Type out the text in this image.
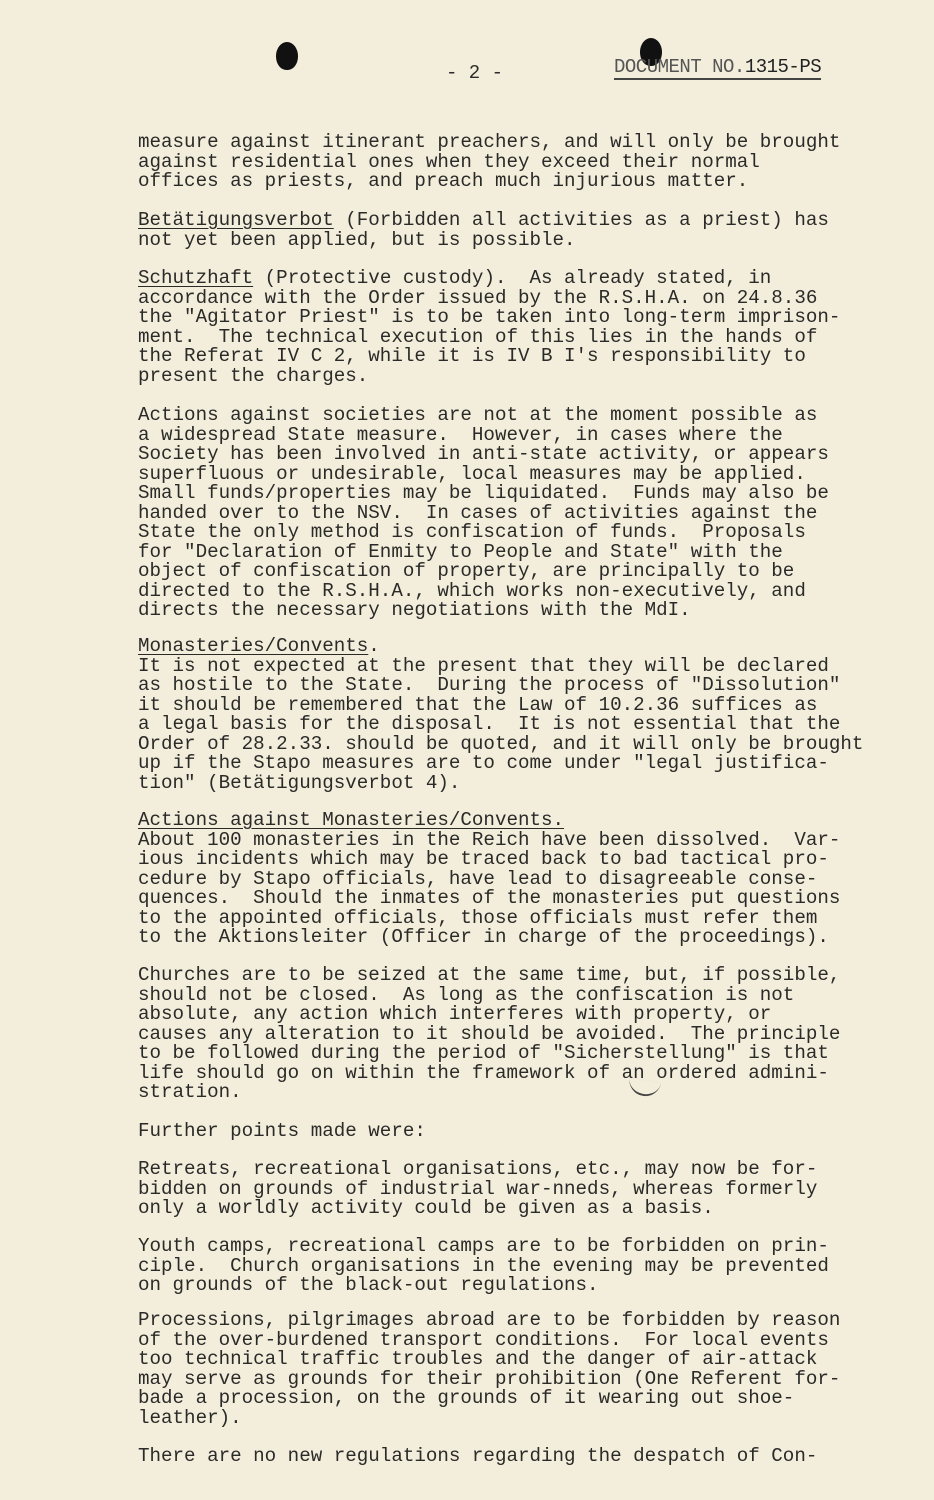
- 2 -	DOCUMENT NO.1315-PS
measure against itinerant preachers, and will only be brought
against residential ones when they exceed their normal
offices as priests, and preach much injurious matter.
Betätigungsverbot (Forbidden all activities as a priest) has
not yet been applied, but is possible.
Schutzhaft (Protective custody).  As already stated, in
accordance with the Order issued by the R.S.H.A. on 24.8.36
the "Agitator Priest" is to be taken into long-term imprison-
ment.  The technical execution of this lies in the hands of
the Referat IV C 2, while it is IV B I's responsibility to
present the charges.
Actions against societies are not at the moment possible as
a widespread State measure.  However, in cases where the
Society has been involved in anti-state activity, or appears
superfluous or undesirable, local measures may be applied.
Small funds/properties may be liquidated.  Funds may also be
handed over to the NSV.  In cases of activities against the
State the only method is confiscation of funds.  Proposals
for "Declaration of Enmity to People and State" with the
object of confiscation of property, are principally to be
directed to the R.S.H.A., which works non-executively, and
directs the necessary negotiations with the MdI.
Monasteries/Convents.
It is not expected at the present that they will be declared
as hostile to the State.  During the process of "Dissolution"
it should be remembered that the Law of 10.2.36 suffices as
a legal basis for the disposal.  It is not essential that the
Order of 28.2.33. should be quoted, and it will only be brought
up if the Stapo measures are to come under "legal justifica-
tion" (Betätigungsverbot 4).
Actions against Monasteries/Convents.
About 100 monasteries in the Reich have been dissolved.  Var-
ious incidents which may be traced back to bad tactical pro-
cedure by Stapo officials, have lead to disagreeable conse-
quences.  Should the inmates of the monasteries put questions
to the appointed officials, those officials must refer them
to the Aktionsleiter (Officer in charge of the proceedings).
Churches are to be seized at the same time, but, if possible,
should not be closed.  As long as the confiscation is not
absolute, any action which interferes with property, or
causes any alteration to it should be avoided.  The principle
to be followed during the period of "Sicherstellung" is that
life should go on within the framework of an ordered admini-
stration.
Further points made were:
Retreats, recreational organisations, etc., may now be for-
bidden on grounds of industrial war-nneds, whereas formerly
only a worldly activity could be given as a basis.
Youth camps, recreational camps are to be forbidden on prin-
ciple.  Church organisations in the evening may be prevented
on grounds of the black-out regulations.
Processions, pilgrimages abroad are to be forbidden by reason
of the over-burdened transport conditions.  For local events
too technical traffic troubles and the danger of air-attack
may serve as grounds for their prohibition (One Referent for-
bade a procession, on the grounds of it wearing out shoe-
leather).
There are no new regulations regarding the despatch of Con-
